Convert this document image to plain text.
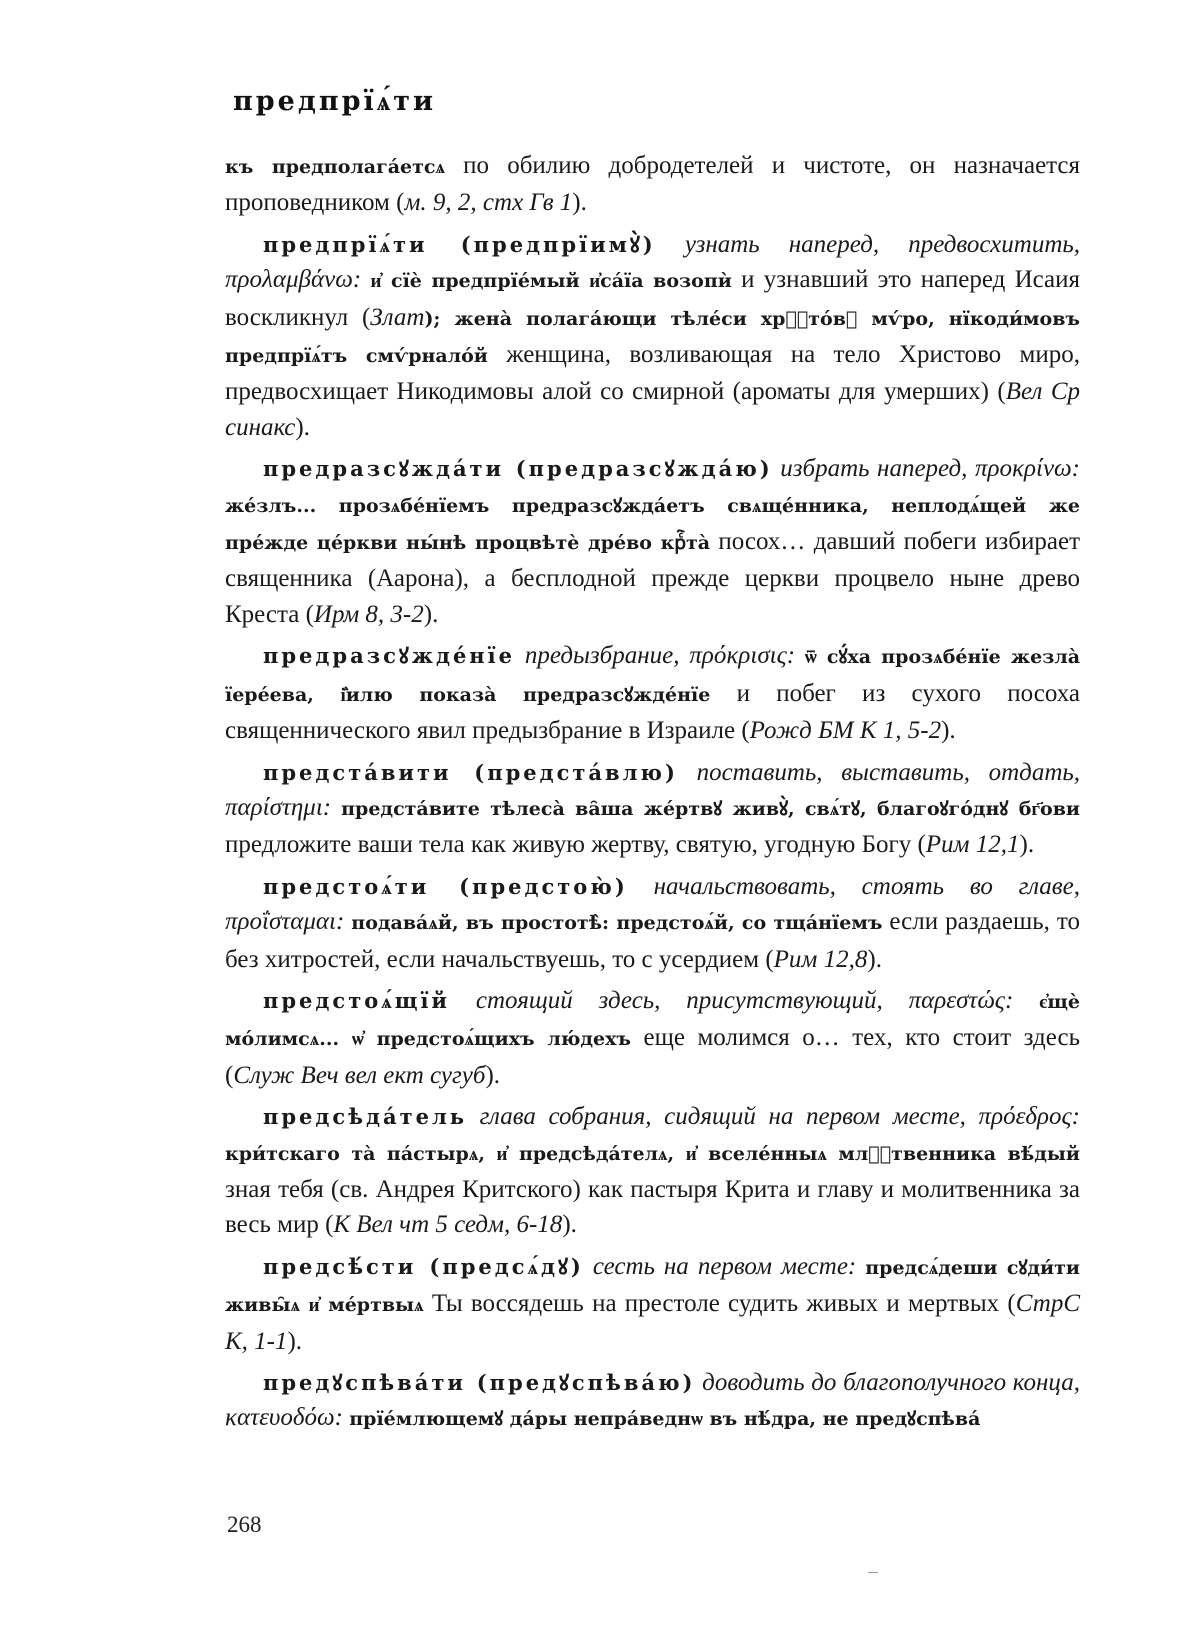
предпрїѧ́ти

къ предполага́етсѧ по обилию добродетелей и чистоте, он назначается проповедником (м. 9, 2, стх Гв 1).

предпрїѧ́ти (предпрїимꙋ̀) узнать наперед, предвосхитить, προλαμβάνω: и҆ сїѐ предпрїе́мый и҆са́їа возопѝ и узнавший это наперед Исаия воскликнул (Злат); жена̀ полага́ющи тѣле́си хрⷭ҇то́вꙋ мѵ́ро, нїкоди́мовъ предпрїѧ́тъ смѵ́рнало́й женщина, возливающая на тело Христово миро, предвосхищает Никодимовы алой со смирной (ароматы для умерших) (Вел Ср синакс).

предразсꙋжда́ти (предразсꙋжда́ю) избрать наперед, προκρίνω: же́злъ... прозѧбе́нїемъ предразсꙋжда́етъ свѧще́нника, неплодѧ́щей же пре́жде це́ркви ны́нѣ процвѣтѐ дре́во крⷭ҇та̀ посох… давший побеги избирает священника (Аарона), а бесплодной прежде церкви процвело ныне древо Креста (Ирм 8, 3-2).

предразсꙋжде́нїе предызбрание, πρόκρισις: ѿ сꙋ́ха прозѧбе́нїе жезла̀ їере́ева, і҆̈илю показа̀ предразсꙋжде́нїе и побег из сухого посоха священнического явил предызбрание в Израиле (Рожд БМ К 1, 5-2).

предста́вити (предста́влю) поставить, выставить, отдать, παρίστημι: предста́вите тѣлеса̀ ва̑ша же́ртвꙋ живꙋ̀, свѧ́тꙋ, благоꙋго́днꙋ бг҃ови предложите ваши тела как живую жертву, святую, угодную Богу (Рим 12,1).

предстоѧ́ти (предстою̀) начальствовать, стоять во главе, προΐσταμαι: подава́ѧй, въ простотѣ̀: предстоѧ́й, со тща́нїемъ если раздаешь, то без хитростей, если начальствуешь, то с усердием (Рим 12,8).

предстоѧ́щїй стоящий здесь, присутствующий, παρεστώς: є҆щѐ мо́лимсѧ... ѡ҆ предстоѧ́щихъ лю́дехъ еще молимся о… тех, кто стоит здесь (Служ Веч вел ект сугуб).

предсѣда́тель глава собрания, сидящий на первом месте, πρόεδρος: кри́тскаго та̀ па́стырѧ, и҆ предсѣда́телѧ, и҆ вселе́нныѧ млⷭ҇твенника вѣ́дый зная тебя (св. Андрея Критского) как пастыря Крита и главу и молитвенника за весь мир (К Вел чт 5 седм, 6-18).

предсѣ́сти (предсѧ́дꙋ) сесть на первом месте: предсѧ́деши сꙋди́ти живы̑ѧ и҆ ме́ртвыѧ Ты воссядешь на престоле судить живых и мертвых (СтрС К, 1-1).

предꙋспѣва́ти (предꙋспѣва́ю) доводить до благополучного конца, κατευοδόω: прїе́млющемꙋ да́ры непра́веднѡ въ нѣ́дра, не предꙋспѣва́

268
